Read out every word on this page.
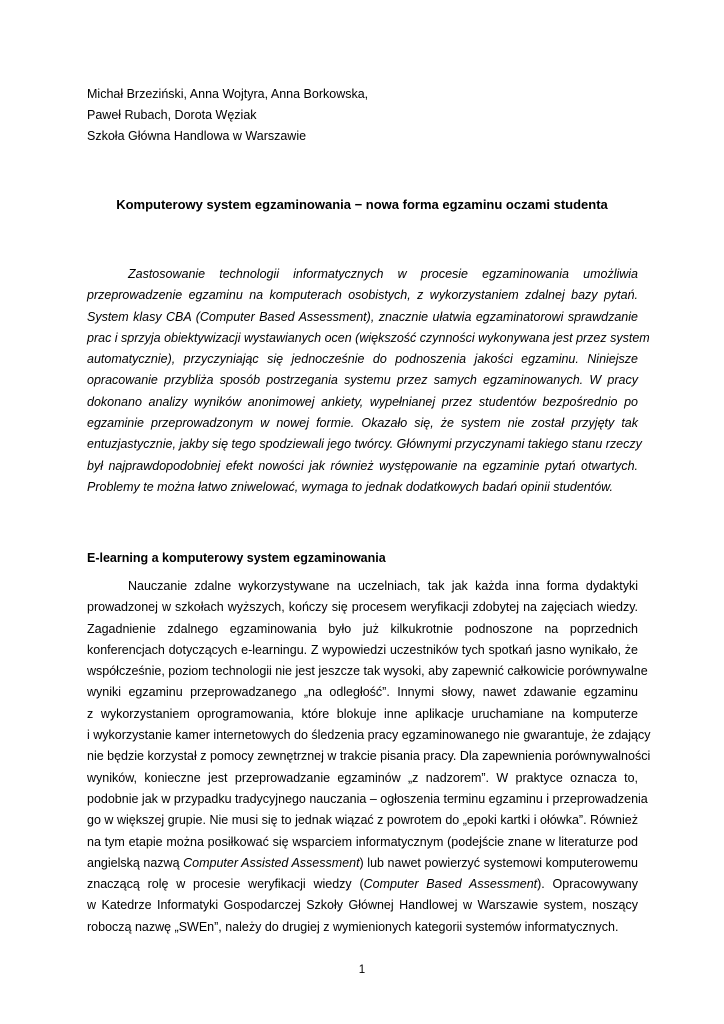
Michał Brzeziński, Anna Wojtyra, Anna Borkowska,
Paweł Rubach, Dorota Węziak
Szkoła Główna Handlowa w Warszawie
Komputerowy system egzaminowania − nowa forma egzaminu oczami studenta
Zastosowanie technologii informatycznych w procesie egzaminowania umożliwia
przeprowadzenie egzaminu na komputerach osobistych, z wykorzystaniem zdalnej bazy pytań.
System klasy CBA (Computer Based Assessment), znacznie ułatwia egzaminatorowi sprawdzanie
prac i sprzyja obiektywizacji wystawianych ocen (większość czynności wykonywana jest przez system
automatycznie), przyczyniając się jednocześnie do podnoszenia jakości egzaminu. Niniejsze
opracowanie przybliża sposób postrzegania systemu przez samych egzaminowanych. W pracy
dokonano analizy wyników anonimowej ankiety, wypełnianej przez studentów bezpośrednio po
egzaminie przeprowadzonym w nowej formie. Okazało się, że system nie został przyjęty tak
entuzjastycznie, jakby się tego spodziewali jego twórcy. Głównymi przyczynami takiego stanu rzeczy
był najprawdopodobniej efekt nowości jak również występowanie na egzaminie pytań otwartych.
Problemy te można łatwo zniwelować, wymaga to jednak dodatkowych badań opinii studentów.
E-learning a komputerowy system egzaminowania
Nauczanie zdalne wykorzystywane na uczelniach, tak jak każda inna forma dydaktyki
prowadzonej w szkołach wyższych, kończy się procesem weryfikacji zdobytej na zajęciach wiedzy.
Zagadnienie zdalnego egzaminowania było już kilkukrotnie podnoszone na poprzednich
konferencjach dotyczących e-learningu. Z wypowiedzi uczestników tych spotkań jasno wynikało, że
współcześnie, poziom technologii nie jest jeszcze tak wysoki, aby zapewnić całkowicie porównywalne
wyniki egzaminu przeprowadzanego „na odległość”. Innymi słowy, nawet zdawanie egzaminu
z wykorzystaniem oprogramowania, które blokuje inne aplikacje uruchamiane na komputerze
i wykorzystanie kamer internetowych do śledzenia pracy egzaminowanego nie gwarantuje, że zdający
nie będzie korzystał z pomocy zewnętrznej w trakcie pisania pracy. Dla zapewnienia porównywalności
wyników, konieczne jest przeprowadzanie egzaminów „z nadzorem”. W praktyce oznacza to,
podobnie jak w przypadku tradycyjnego nauczania – ogłoszenia terminu egzaminu i przeprowadzenia
go w większej grupie. Nie musi się to jednak wiązać z powrotem do „epoki kartki i ołówka”. Również
na tym etapie można posiłkować się wsparciem informatycznym (podejście znane w literaturze pod
angielską nazwą Computer Assisted Assessment) lub nawet powierzyć systemowi komputerowemu
znaczącą rolę w procesie weryfikacji wiedzy (Computer Based Assessment). Opracowywany
w Katedrze Informatyki Gospodarczej Szkoły Głównej Handlowej w Warszawie system, noszący
roboczą nazwę „SWEn”, należy do drugiej z wymienionych kategorii systemów informatycznych.
1
